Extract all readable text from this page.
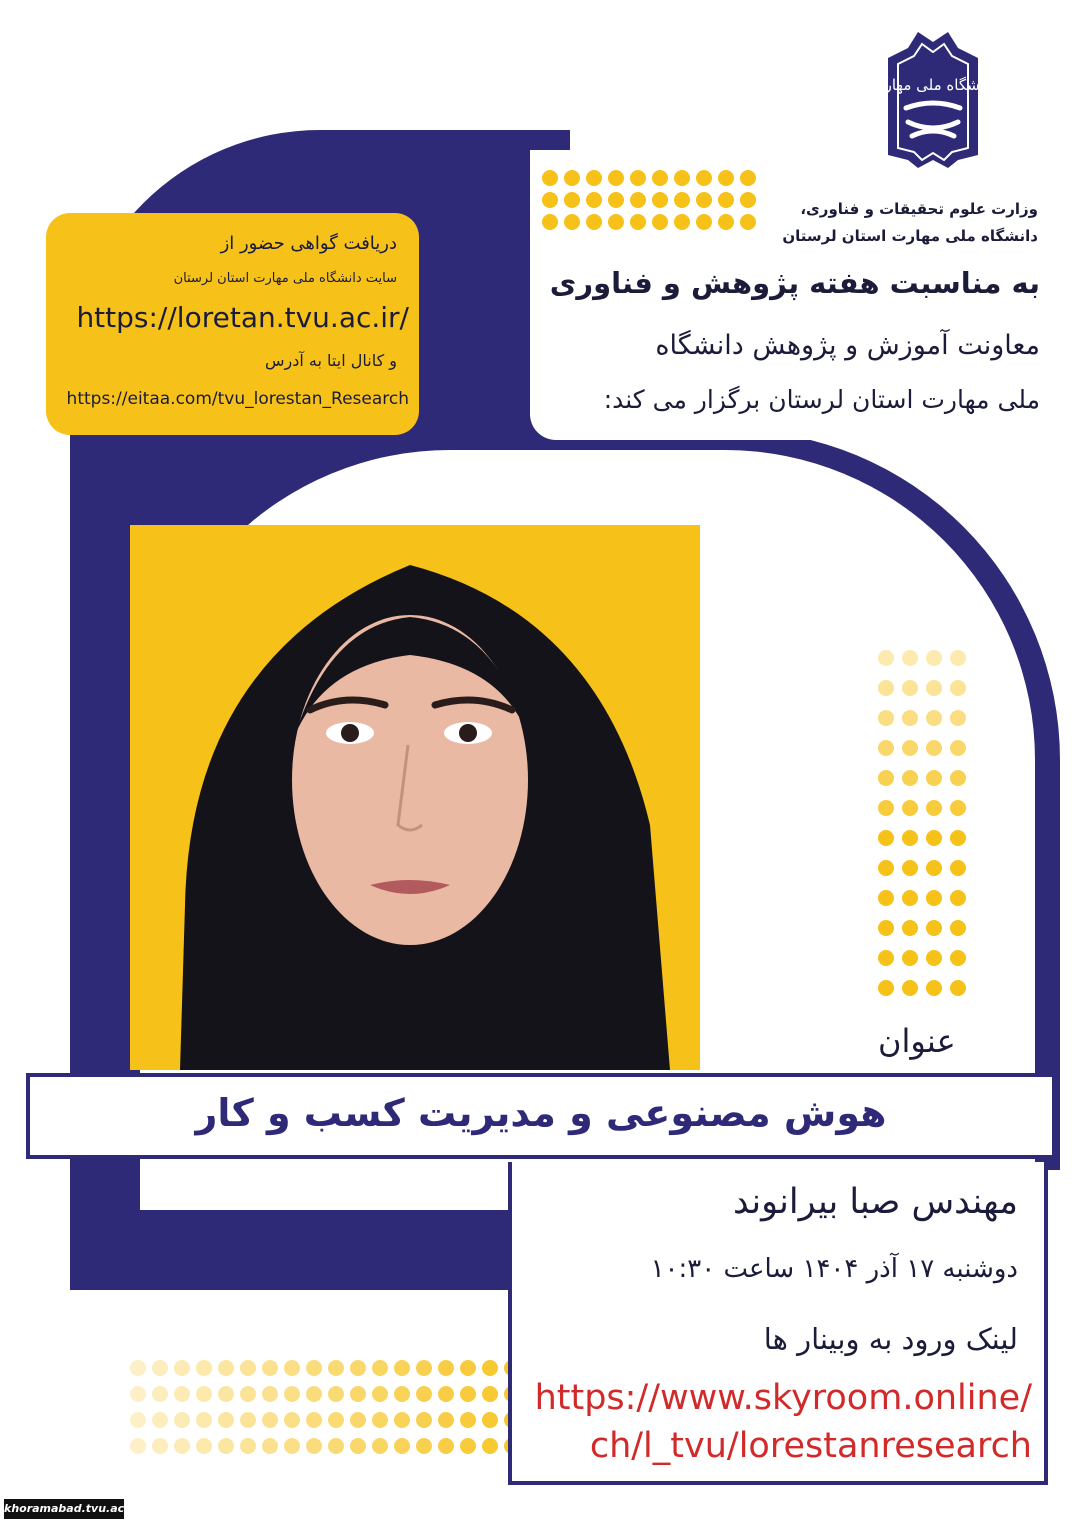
دانشگاه ملی مهارت
وزارت علوم تحقیقات و فناوری،
دانشگاه ملی مهارت استان لرستان
به مناسبت هفته پژوهش و فناوری
معاونت آموزش و پژوهش دانشگاه
ملی مهارت استان لرستان برگزار می کند:
دریافت گواهی حضور از
سایت دانشگاه ملی مهارت استان لرستان
https://loretan.tvu.ac.ir/
و کانال ایتا به آدرس
https://eitaa.com/tvu_lorestan_Research
عنوان
هوش مصنوعی و مدیریت کسب و کار
مهندس صبا بیرانوند
دوشنبه ۱۷ آذر ۱۴۰۴ ساعت ۱۰:۳۰
لینک ورود به وبینار ها
https://www.skyroom.online/
ch/l_tvu/lorestanresearch
khoramabad.tvu.ac.ir
